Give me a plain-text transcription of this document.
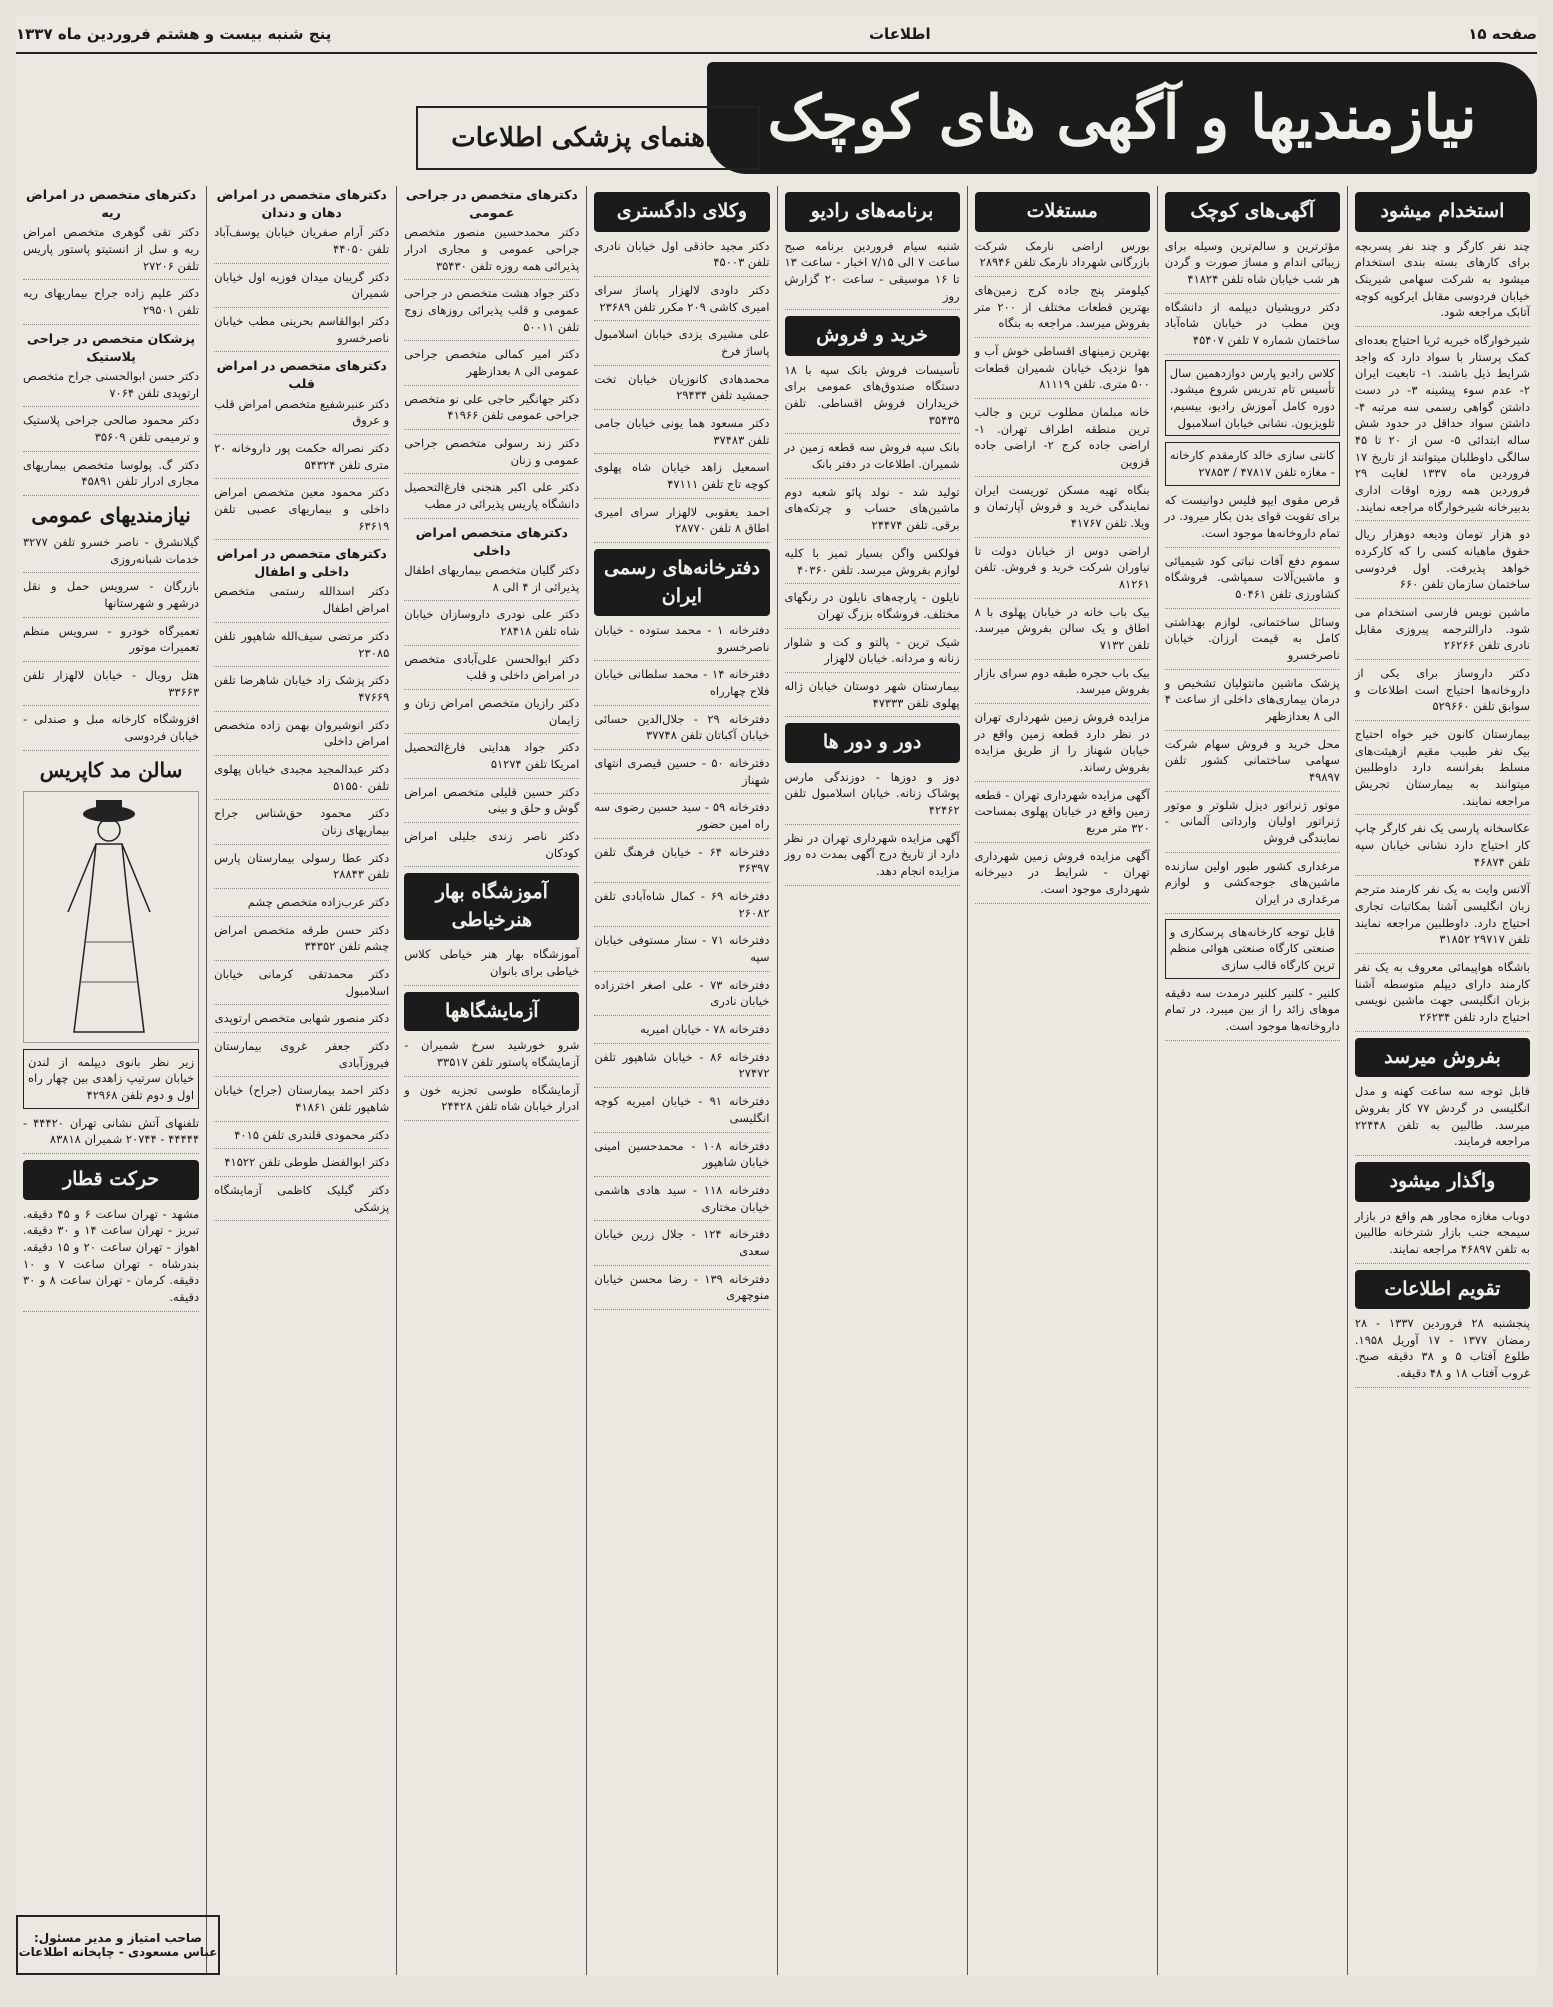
صفحه ۱۵
اطلاعات
پنج شنبه بیست و هشتم فروردین ماه ۱۳۳۷
نیازمندیها و آگهی های کوچک
راهنمای پزشکی اطلاعات
استخدام میشود
چند نفر کارگر و چند نفر پسربچه برای کارهای بسته بندی استخدام میشود به شرکت سهامی شیرینک خیابان فردوسی مقابل ایرکوپه کوچه آتابک مراجعه شود.
شیرخوارگاه خیریه ثریا احتیاج بعده‌ای کمک پرستار با سواد دارد که واجد شرایط ذیل باشند. ۱- تابعیت ایران ۲- عدم سوء پیشینه ۳- در دست داشتن گواهی رسمی سه مرتبه ۴- داشتن سواد حداقل در حدود شش ساله ابتدائی ۵- سن از ۲۰ تا ۴۵ سالگی داوطلبان میتوانند از تاریخ ۱۷ فروردین ماه ۱۳۳۷ لغایت ۲۹ فروردین همه روزه اوقات اداری بدبیرخانه شیرخوارگاه مراجعه نمایند.
دو هزار تومان ودیعه دوهزار ریال حقوق ماهیانه کسی را که کارکرده خواهد پذیرفت. اول فردوسی ساختمان سازمان تلفن ۶۶۰
ماشین نویس فارسی استخدام می شود. دارالترجمه پیروزی مقابل نادری تلفن ۲۶۲۶۶
دکتر داروساز برای یکی از داروخانه‌ها احتیاج است اطلاعات و سوابق تلفن ۵۲۹۶۶۰
بیمارستان کانون خیر خواه احتیاج بیک نفر طبیب مقیم ازهیئت‌های مسلط بفرانسه دارد داوطلبین میتوانند به بیمارستان تجریش مراجعه نمایند.
عکاسخانه پارسی یک نفر کارگر چاپ کار احتیاج دارد نشانی خیابان سپه تلفن ۴۶۸۷۴
آلانس وایت به یک نفر کارمند مترجم زبان انگلیسی آشنا بمکاتبات تجاری احتیاج دارد. داوطلبین مراجعه نمایند تلفن ۲۹۷۱۷ ۳۱۸۵۲
باشگاه هواپیمائی معروف به یک نفر کارمند دارای دیپلم متوسطه آشنا بزبان انگلیسی جهت ماشین نویسی احتیاج دارد تلفن ۲۶۲۳۴
بفروش میرسد
قابل توجه سه ساعت کهنه و مدل انگلیسی در گردش ۷۷ کار بفروش میرسد. طالبین به تلفن ۲۲۴۴۸ مراجعه فرمایند.
واگذار میشود
دوباب مغازه مجاور هم واقع در بازار سیمجه جنب بازار شترخانه طالبین به تلفن ۴۶۸۹۷ مراجعه نمایند.
تقویم اطلاعات
پنجشنبه ۲۸ فروردین ۱۳۳۷ - ۲۸ رمضان ۱۳۷۷ - ۱۷ آوریل ۱۹۵۸. طلوع آفتاب ۵ و ۳۸ دقیقه صبح. غروب آفتاب ۱۸ و ۴۸ دقیقه.
آگهی‌های کوچک
مؤثرترین و سالم‌ترین وسیله برای زیبائی اندام و مساژ صورت و گردن هر شب خیابان شاه تلفن ۴۱۸۲۴
دکتر درویشیان دیپلمه از دانشگاه وین مطب در خیابان شاه‌آباد ساختمان شماره ۷ تلفن ۴۵۴۰۷
کلاس رادیو پارس دوازدهمین سال تأسیس تام تدریس شروع میشود. دوره کامل آموزش رادیو، بیسیم، تلویزیون. نشانی خیابان اسلامبول
کانتی سازی خالد کارمقدم کارخانه - مغازه تلفن ۴۷۸۱۷ / ۲۷۸۵۳
قرص مقوی ایپو فلیس دوانیست که برای تقویت قوای بدن بکار میرود. در تمام داروخانه‌ها موجود است.
سموم دفع آفات نباتی کود شیمیائی و ماشین‌آلات سمپاشی. فروشگاه کشاورزی تلفن ۵۰۴۶۱
وسائل ساختمانی، لوازم بهداشتی کامل به قیمت ارزان. خیابان ناصرخسرو
پزشک ماشین مانتولیان تشخیص و درمان بیماری‌های داخلی از ساعت ۴ الی ۸ بعدازظهر
محل خرید و فروش سهام شرکت سهامی ساختمانی کشور تلفن ۴۹۸۹۷
موتور ژنراتور دیزل شلوتر و موتور ژنراتور اولیان وارداتی آلمانی - نمایندگی فروش
مرغداری کشور طیور اولین سازنده ماشین‌های جوجه‌کشی و لوازم مرغداری در ایران
قابل توجه کارخانه‌های پرسکاری و صنعتی کارگاه صنعتی هوائی منظم ترین کارگاه قالب سازی
کلنیر - کلنیر کلنیر درمدت سه دقیقه موهای زائد را از بین میبرد. در تمام داروخانه‌ها موجود است.
مستغلات
بورس اراضی نارمک شرکت بازرگانی شهرداد نارمک تلفن ۲۸۹۴۶
کیلومتر پنج جاده کرج زمین‌های بهترین قطعات مختلف از ۲۰۰ متر بفروش میرسد. مراجعه به بنگاه
بهترین زمینهای اقساطی خوش آب و هوا نزدیک خیابان شمیران قطعات ۵۰۰ متری. تلفن ۸۱۱۱۹
خانه مبلمان مطلوب ترین و جالب ترین منطقه اطراف تهران. ۱- اراضی جاده کرج ۲- اراضی جاده قزوین
بنگاه تهیه مسکن توریست ایران نمایندگی خرید و فروش آپارتمان و ویلا. تلفن ۴۱۷۶۷
اراضی دوس از خیابان دولت تا نیاوران شرکت خرید و فروش. تلفن ۸۱۲۶۱
بیک باب خانه در خیابان پهلوی با ۸ اطاق و یک سالن بفروش میرسد. تلفن ۷۱۳۲
بیک باب حجره طبقه دوم سرای بازار بفروش میرسد.
مزایده فروش زمین شهرداری تهران در نظر دارد قطعه زمین واقع در خیابان شهناز را از طریق مزایده بفروش رساند.
آگهی مزایده شهرداری تهران - قطعه زمین واقع در خیابان پهلوی بمساحت ۳۲۰ متر مربع
آگهی مزایده فروش زمین شهرداری تهران - شرایط در دبیرخانه شهرداری موجود است.
برنامه‌های رادیو
شنبه سیام فروردین برنامه صبح ساعت ۷ الی ۷/۱۵ اخبار - ساعت ۱۳ تا ۱۶ موسیقی - ساعت ۲۰ گزارش روز
خرید و فروش
تأسیسات فروش بانک سپه با ۱۸ دستگاه صندوق‌های عمومی برای خریداران فروش اقساطی. تلفن ۳۵۴۳۵
بانک سپه فروش سه قطعه زمین در شمیران. اطلاعات در دفتر بانک
تولید شد - نولد پائو شعبه دوم ماشین‌های حساب و چرتکه‌های برقی. تلفن ۲۴۴۷۴
فولکس واگن بسیار تمیز با کلیه لوازم بفروش میرسد. تلفن ۴۰۳۶۰
نایلون - پارچه‌های نایلون در رنگهای مختلف. فروشگاه بزرگ تهران
شیک ترین - پالتو و کت و شلوار زنانه و مردانه. خیابان لالهزار
بیمارستان شهر دوستان خیابان ژاله پهلوی تلفن ۴۷۳۳۳
دور و دور ها
دوز و دوزها - دوزندگی مارس پوشاک زنانه. خیابان اسلامبول تلفن ۴۲۴۶۲
آگهی مزایده شهرداری تهران در نظر دارد از تاریخ درج آگهی بمدت ده روز مزایده انجام دهد.
وکلای دادگستری
دکتر مجید حاذقی اول خیابان نادری تلفن ۴۵۰۰۳
دکتر داودی لالهزار پاساژ سرای امیری کاشی ۲۰۹ مکرر تلفن ۲۳۶۸۹
علی مشیری یزدی خیابان اسلامبول پاساژ فرخ
محمدهادی کانوزیان خیابان تخت جمشید تلفن ۲۹۴۳۴
دکتر مسعود هما یونی خیابان جامی تلفن ۳۷۴۸۳
اسمعیل زاهد خیابان شاه پهلوی کوچه تاج تلفن ۴۷۱۱۱
احمد یعقوبی لالهزار سرای امیری اطاق ۸ تلفن ۲۸۷۷۰
دفترخانه‌های رسمی ایران
دفترخانه ۱ - محمد ستوده - خیابان ناصرخسرو
دفترخانه ۱۴ - محمد سلطانی خیابان فلاح چهارراه
دفترخانه ۲۹ - جلال‌الدین حسائی خیابان آکباتان تلفن ۳۷۷۴۸
دفترخانه ۵۰ - حسین قیصری انتهای شهناز
دفترخانه ۵۹ - سید حسین رضوی سه راه امین حضور
دفترخانه ۶۴ - خیابان فرهنگ تلفن ۳۶۳۹۷
دفترخانه ۶۹ - کمال شاه‌آبادی تلفن ۲۶۰۸۲
دفترخانه ۷۱ - ستار مستوفی خیابان سپه
دفترخانه ۷۳ - علی اصغر اخترزاده خیابان نادری
دفترخانه ۷۸ - خیابان امیریه
دفترخانه ۸۶ - خیابان شاهپور تلفن ۲۷۴۷۲
دفترخانه ۹۱ - خیابان امیریه کوچه انگلیسی
دفترخانه ۱۰۸ - محمدحسین امینی خیابان شاهپور
دفترخانه ۱۱۸ - سید هادی هاشمی خیابان مختاری
دفترخانه ۱۲۴ - جلال زرین خیابان سعدی
دفترخانه ۱۳۹ - رضا محسن خیابان منوچهری
دکترهای متخصص در جراحی عمومی
دکتر محمدحسین منصور متخصص جراحی عمومی و مجاری ادرار پذیرائی همه روزه تلفن ۳۵۴۳۰
دکتر جواد هشت متخصص در جراحی عمومی و قلب پذیرائی روزهای زوج تلفن ۵۰۰۱۱
دکتر امیر کمالی متخصص جراحی عمومی الی ۸ بعدازظهر
دکتر جهانگیر حاجی علی نو متخصص جراحی عمومی تلفن ۴۱۹۶۶
دکتر زند رسولی متخصص جراحی عمومی و زنان
دکتر علی اکبر هنجنی فارغ‌التحصیل دانشگاه پاریس پذیرائی در مطب
دکترهای متخصص امراض داخلی
دکتر گلیان متخصص بیماریهای اطفال پذیرائی از ۴ الی ۸
دکتر علی نودری داروسازان خیابان شاه تلفن ۲۸۴۱۸
دکتر ابوالحسن علی‌آبادی متخصص در امراض داخلی و قلب
دکتر رازیان متخصص امراض زنان و زایمان
دکتر جواد هدایتی فارغ‌التحصیل امریکا تلفن ۵۱۲۷۴
دکتر حسین قلیلی متخصص امراض گوش و حلق و بینی
دکتر ناصر زندی جلیلی امراض کودکان
آموزشگاه بهار هنرخیاطی
آموزشگاه بهار هنر خیاطی کلاس خیاطی برای بانوان
آزمایشگاهها
شرو خورشید سرخ شمیران - آزمایشگاه پاستور تلفن ۳۳۵۱۷
آزمایشگاه طوسی تجزیه خون و ادرار خیابان شاه تلفن ۲۴۴۲۸
دکترهای متخصص در امراض دهان و دندان
دکتر آرام صفریان خیابان یوسف‌آباد تلفن ۴۴۰۵۰
دکتر گریبان میدان فوزیه اول خیابان شمیران
دکتر ابوالقاسم بحرینی مطب خیابان ناصرخسرو
دکترهای متخصص در امراض قلب
دکتر عنبرشفیع متخصص امراض قلب و عروق
دکتر نصراله حکمت پور داروخانه ۲۰ متری تلفن ۵۴۳۲۴
دکتر محمود معین متخصص امراض داخلی و بیماریهای عصبی تلفن ۶۳۶۱۹
دکترهای متخصص در امراض داخلی و اطفال
دکتر اسدالله رستمی متخصص امراض اطفال
دکتر مرتضی سیف‌الله شاهپور تلفن ۲۳۰۸۵
دکتر پزشک زاد خیابان شاهرضا تلفن ۴۷۶۶۹
دکتر انوشیروان بهمن زاده متخصص امراض داخلی
دکتر عبدالمجید مجیدی خیابان پهلوی تلفن ۵۱۵۵۰
دکتر محمود حق‌شناس جراح بیماریهای زنان
دکتر عطا رسولی بیمارستان پارس تلفن ۲۸۸۴۳
دکتر عرب‌زاده متخصص چشم
دکتر حسن طرقه متخصص امراض چشم تلفن ۳۴۳۵۲
دکتر محمدتقی کرمانی خیابان اسلامبول
دکتر منصور شهابی متخصص ارتوپدی
دکتر جعفر غروی بیمارستان فیروزآبادی
دکتر احمد بیمارستان (جراح) خیابان شاهپور تلفن ۴۱۸۶۱
دکتر محمودی قلندری تلفن ۴۰۱۵
دکتر ابوالفضل طوطی تلفن ۴۱۵۲۲
دکتر گیلیک کاظمی آزمایشگاه پزشکی
دکترهای متخصص در امراض ریه
دکتر تقی گوهری متخصص امراض ریه و سل از انستیتو پاستور پاریس تلفن ۲۷۲۰۶
دکتر علیم زاده جراح بیماریهای ریه تلفن ۲۹۵۰۱
پزشکان متخصص در جراحی پلاستیک
دکتر حسن ابوالحسنی جراح متخصص ارتوپدی تلفن ۷۰۶۴
دکتر محمود صالحی جراحی پلاستیک و ترمیمی تلفن ۳۵۶۰۹
دکتر گ. پولوسا متخصص بیماریهای مجاری ادرار تلفن ۴۵۸۹۱
نیازمندیهای عمومی
گیلانشرق - ناصر خسرو تلفن ۳۲۷۷ خدمات شبانه‌روزی
بازرگان - سرویس حمل و نقل درشهر و شهرستانها
تعمیرگاه خودرو - سرویس منظم تعمیرات موتور
هتل رویال - خیابان لالهزار تلفن ۳۳۶۶۳
افزوشگاه کارخانه مبل و صندلی - خیابان فردوسی
سالن مد کاپریس
زیر نظر بانوی دیپلمه از لندن خیابان سرتیپ زاهدی بین چهار راه اول و دوم تلفن ۴۲۹۶۸
تلفنهای آتش نشانی تهران ۴۴۴۲۰ - ۴۴۴۴۴ - ۲۰۷۴۴ شمیران ۸۳۸۱۸
حرکت قطار
مشهد - تهران ساعت ۶ و ۴۵ دقیقه. تبریز - تهران ساعت ۱۴ و ۳۰ دقیقه. اهواز - تهران ساعت ۲۰ و ۱۵ دقیقه. بندرشاه - تهران ساعت ۷ و ۱۰ دقیقه. کرمان - تهران ساعت ۸ و ۳۰ دقیقه.
صاحب امتیاز و مدیر مسئول: عباس مسعودی - چاپخانه اطلاعات
